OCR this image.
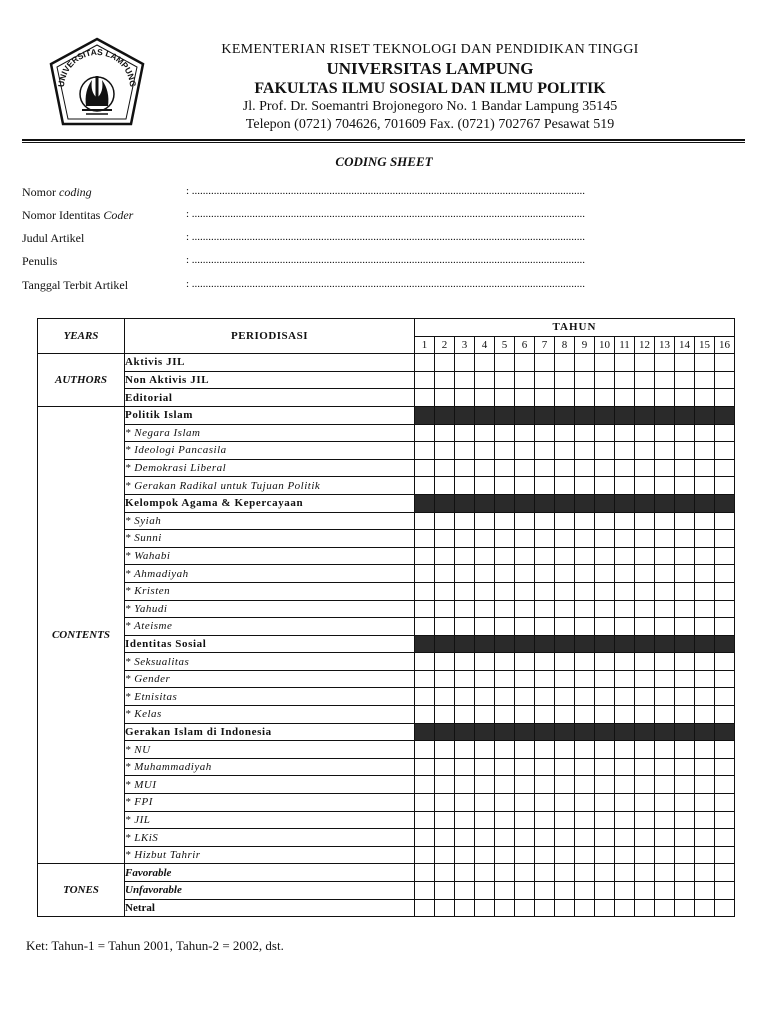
UNIVERSITAS LAMPUNG
KEMENTERIAN RISET TEKNOLOGI DAN PENDIDIKAN TINGGI
UNIVERSITAS LAMPUNG
FAKULTAS ILMU SOSIAL DAN ILMU POLITIK
Jl. Prof. Dr. Soemantri Brojonegoro No. 1 Bandar Lampung 35145
Telepon (0721) 704626, 701609 Fax. (0721) 702767 Pesawat 519
CODING SHEET
Nomor coding	: ...............................................................................................................................................
Nomor Identitas Coder	: ...............................................................................................................................................
Judul Artikel	: ...............................................................................................................................................
Penulis	: ...............................................................................................................................................
Tanggal Terbit Artikel	: ...............................................................................................................................................
YEARS	PERIODISASI	TAHUN															
		1	2	3	4	5	6	7	8	9	10	11	12	13	14	15	16
AUTHORS	Aktivis JIL																
	Non Aktivis JIL																
	Editorial																
CONTENTS	Politik Islam																
	* Negara Islam																
	* Ideologi Pancasila																
	* Demokrasi Liberal																
	* Gerakan Radikal untuk Tujuan Politik																
	Kelompok Agama & Kepercayaan																
	* Syiah																
	* Sunni																
	* Wahabi																
	* Ahmadiyah																
	* Kristen																
	* Yahudi																
	* Ateisme																
	Identitas Sosial																
	* Seksualitas																
	* Gender																
	* Etnisitas																
	* Kelas																
	Gerakan Islam di Indonesia																
	* NU																
	* Muhammadiyah																
	* MUI																
	* FPI																
	* JIL																
	* LKiS																
	* Hizbut Tahrir																
TONES	Favorable																
	Unfavorable																
	Netral																
Ket: Tahun-1 = Tahun 2001, Tahun-2 = 2002, dst.
